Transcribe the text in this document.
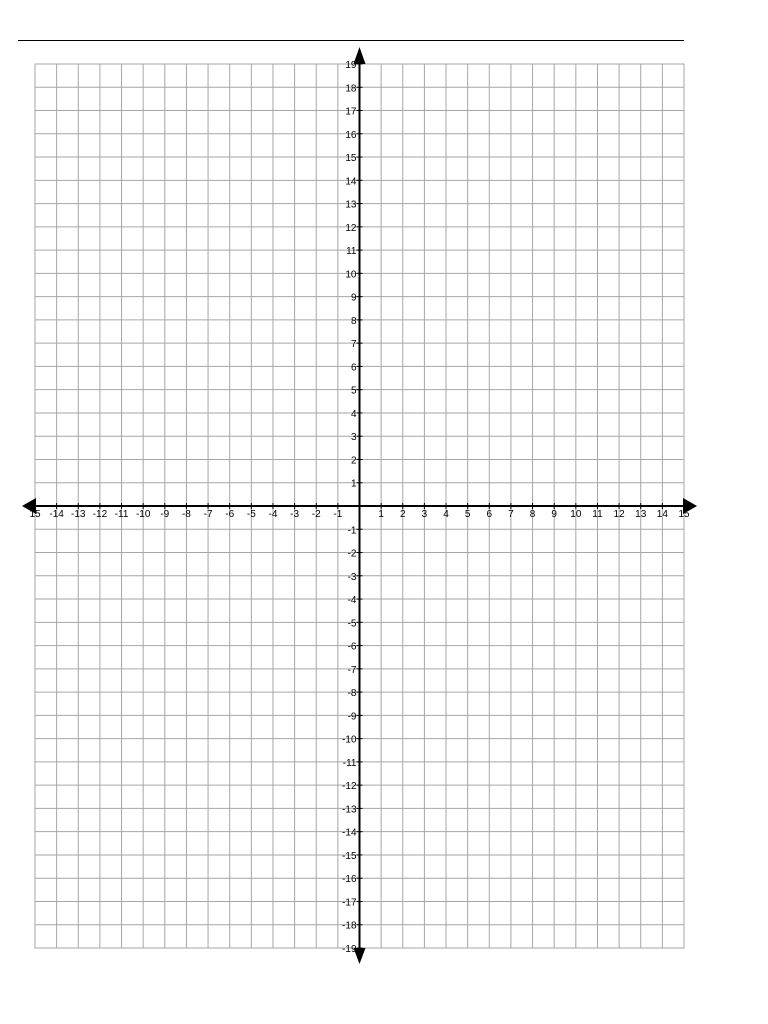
15 -14 -13 -12 -11 -10 -9 -8 -7 -6 -5 -4 -3 -2 -1	1 2 3 4 5 6 7 8 9 10 11 12 13 14 15
19
18
17
16
15
14
13
12
11
10
9
8
7
6
5
4
3
2
1
-1
-2
-3
-4
-5
-6
-7
-8
-9
-10
-11
-12
-13
-14
-15
-16
-17
-18
-19
